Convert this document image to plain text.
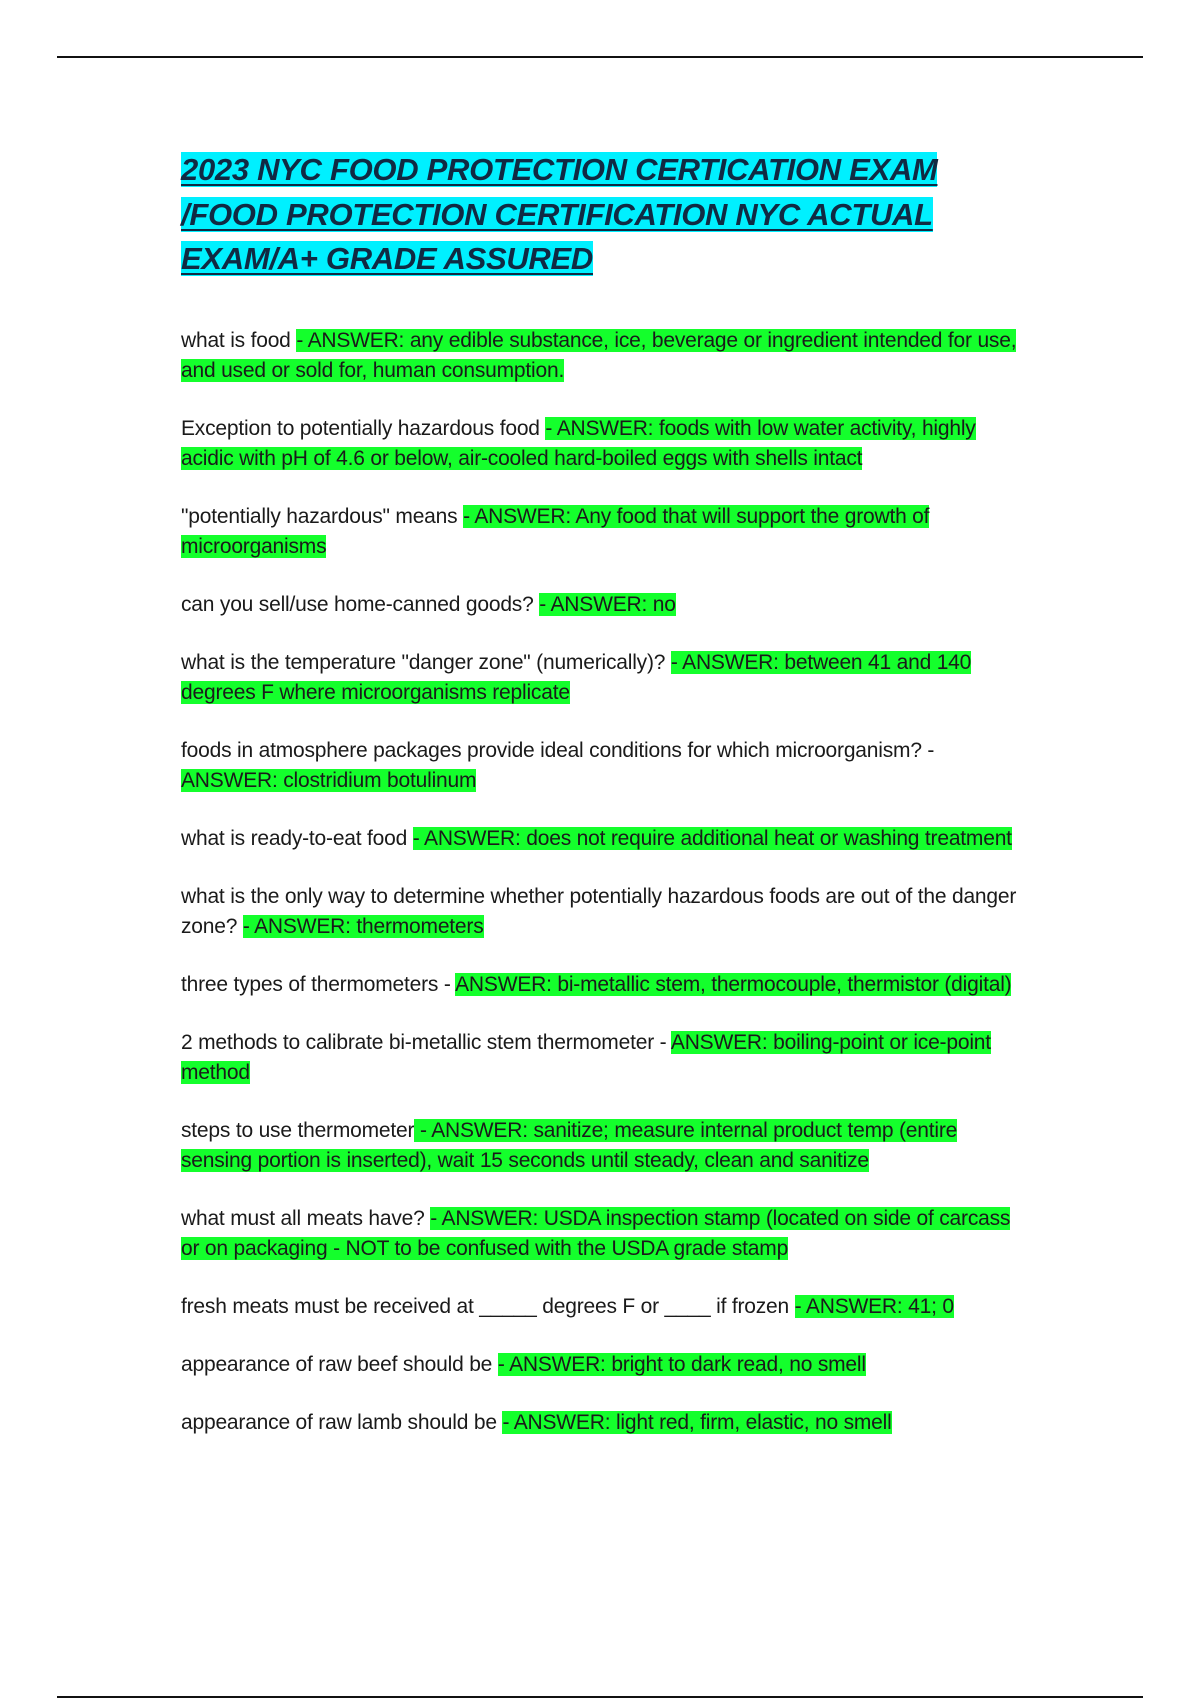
2023 NYC FOOD PROTECTION CERTICATION EXAM /FOOD PROTECTION CERTIFICATION NYC ACTUAL EXAM/A+ GRADE ASSURED

what is food - ANSWER: any edible substance, ice, beverage or ingredient intended for use, and used or sold for, human consumption.

Exception to potentially hazardous food - ANSWER: foods with low water activity, highly acidic with pH of 4.6 or below, air-cooled hard-boiled eggs with shells intact

"potentially hazardous" means - ANSWER: Any food that will support the growth of microorganisms

can you sell/use home-canned goods? - ANSWER: no

what is the temperature "danger zone" (numerically)? - ANSWER: between 41 and 140 degrees F where microorganisms replicate

foods in atmosphere packages provide ideal conditions for which microorganism? - ANSWER: clostridium botulinum

what is ready-to-eat food - ANSWER: does not require additional heat or washing treatment

what is the only way to determine whether potentially hazardous foods are out of the danger zone? - ANSWER: thermometers

three types of thermometers - ANSWER: bi-metallic stem, thermocouple, thermistor (digital)

2 methods to calibrate bi-metallic stem thermometer - ANSWER: boiling-point or ice-point method

steps to use thermometer - ANSWER: sanitize; measure internal product temp (entire sensing portion is inserted), wait 15 seconds until steady, clean and sanitize

what must all meats have? - ANSWER: USDA inspection stamp (located on side of carcass or on packaging - NOT to be confused with the USDA grade stamp

fresh meats must be received at _____ degrees F or ____ if frozen - ANSWER: 41; 0

appearance of raw beef should be - ANSWER: bright to dark read, no smell

appearance of raw lamb should be - ANSWER: light red, firm, elastic, no smell
